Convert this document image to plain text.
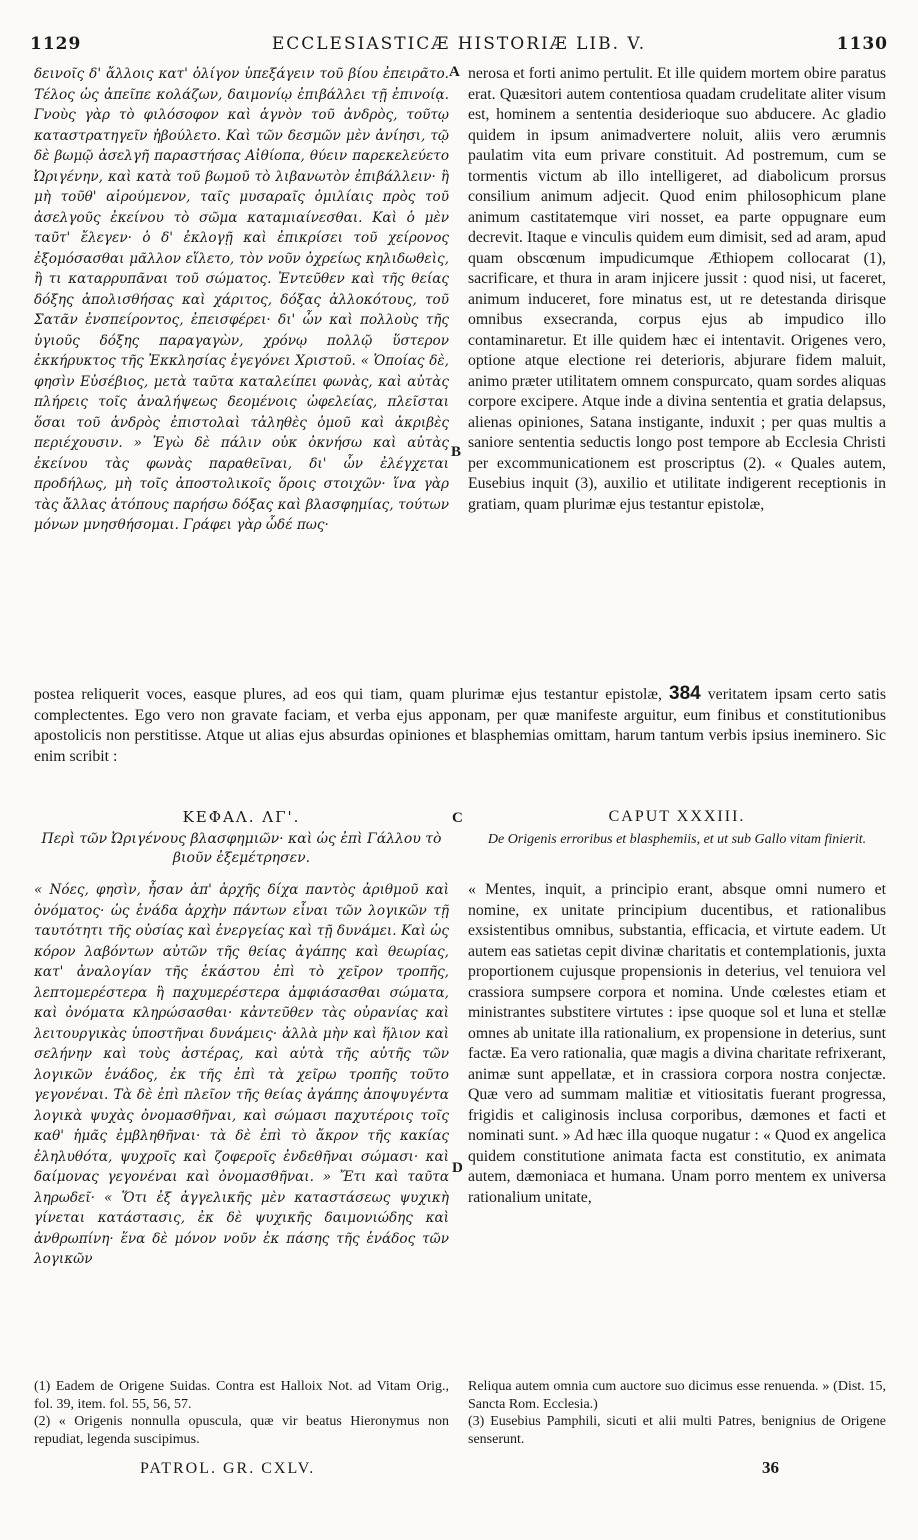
1129	ECCLESIASTICÆ HISTORIÆ LIB. V.	1130
A
B
C
D

δεινοῖς δ' ἄλλοις κατ' ὀλίγον ὑπεξάγειν τοῦ βίου ἐπειρᾶτο. Τέλος ὡς ἀπεῖπε κολάζων, δαιμονίῳ ἐπιβάλλει τῇ ἐπινοίᾳ. Γνοὺς γὰρ τὸ φιλόσοφον καὶ ἁγνὸν τοῦ ἀνδρὸς, τοῦτῳ καταστρατηγεῖν ἠβούλετο. Καὶ τῶν δεσμῶν μὲν ἀνίησι, τῷ δὲ βωμῷ ἀσελγῆ παραστήσας Αἰθίοπα, θύειν παρεκελεύετο Ὠριγένην, καὶ κατὰ τοῦ βωμοῦ τὸ λιβανωτὸν ἐπιβάλλειν· ἢ μὴ τοῦθ' αἱρούμενον, ταῖς μυσαραῖς ὁμιλίαις πρὸς τοῦ ἀσελγοῦς ἐκείνου τὸ σῶμα καταμιαίνεσθαι. Καὶ ὁ μὲν ταῦτ' ἔλεγεν· ὁ δ' ἐκλογῇ καὶ ἐπικρίσει τοῦ χείρονος ἐξομόσασθαι μᾶλλον εἵλετο, τὸν νοῦν ὀχρείως κηλιδωθεὶς, ἢ τι καταρρυπᾶναι τοῦ σώματος. Ἐντεῦθεν καὶ τῆς θείας δόξης ἀπολισθήσας καὶ χάριτος, δόξας ἀλλοκότους, τοῦ Σατᾶν ἐνσπείροντος, ἐπεισφέρει· δι' ὧν καὶ πολλοὺς τῆς ὑγιοῦς δόξης παραγαγὼν, χρόνῳ πολλῷ ὕστερον ἐκκήρυκτος τῆς Ἐκκλησίας ἐγεγόνει Χριστοῦ. « Ὁποίας δὲ, φησὶν Εὐσέβιος, μετὰ ταῦτα καταλείπει φωνὰς, καὶ αὐτὰς πλήρεις τοῖς ἀναλήψεως δεομένοις ὠφελείας, πλεῖσται ὅσαι τοῦ ἀνδρὸς ἐπιστολαὶ τἀληθὲς ὁμοῦ καὶ ἀκριβὲς περιέχουσιν. » Ἐγὼ δὲ πάλιν οὐκ ὀκνήσω καὶ αὐτὰς ἐκείνου τὰς φωνὰς παραθεῖναι, δι' ὧν ἐλέγχεται προδήλως, μὴ τοῖς ἀποστολικοῖς ὅροις στοιχῶν· ἵνα γὰρ τὰς ἄλλας ἀτόπους παρήσω δόξας καὶ βλασφημίας, τούτων μόνων μνησθήσομαι. Γράφει γὰρ ὧδέ πως·

nerosa et forti animo pertulit. Et ille quidem mortem obire paratus erat. Quæsitori autem contentiosa quadam crudelitate aliter visum est, hominem a sententia desiderioque suo abducere. Ac gladio quidem in ipsum animadvertere noluit, aliis vero ærumnis paulatim vita eum privare constituit. Ad postremum, cum se tormentis victum ab illo intelligeret, ad diabolicum prorsus consilium animum adjecit. Quod enim philosophicum plane animum castitatemque viri nosset, ea parte oppugnare eum decrevit. Itaque e vinculis quidem eum dimisit, sed ad aram, apud quam obscœnum impudicumque Æthiopem collocarat (1), sacrificare, et thura in aram injicere jussit : quod nisi, ut faceret, animum induceret, fore minatus est, ut re detestanda dirisque omnibus exsecranda, corpus ejus ab impudico illo contaminaretur. Et ille quidem hæc ei intentavit. Origenes vero, optione atque electione rei deterioris, abjurare fidem maluit, animo præter utilitatem omnem conspurcato, quam sordes aliquas corpore excipere. Atque inde a divina sententia et gratia delapsus, alienas opiniones, Satana instigante, induxit ; per quas multis a saniore sententia seductis longo post tempore ab Ecclesia Christi per excommunicationem est proscriptus (2). « Quales autem, Eusebius inquit (3), auxilio et utilitate indigerent receptionis in gratiam, quam plurimæ ejus testantur epistolæ,

postea reliquerit voces, easque plures, ad eos qui tiam, quam plurimæ ejus testantur epistolæ, 384 veritatem ipsam certo satis complectentes. Ego vero non gravate faciam, et verba ejus apponam, per quæ manifeste arguitur, eum finibus et constitutionibus apostolicis non perstitisse. Atque ut alias ejus absurdas opiniones et blasphemias omittam, harum tantum verbis ipsius ineminero. Sic enim scribit :
ΚΕΦΑΛ. ΛΓ'.
Περὶ τῶν Ὠριγένους βλασφημιῶν· καὶ ὡς ἐπὶ Γάλλου τὸ βιοῦν ἐξεμέτρησεν.
CAPUT XXXIII.
De Origenis erroribus et blasphemiis, et ut sub Gallo vitam finierit.

« Νόες, φησὶν, ἦσαν ἀπ' ἀρχῆς δίχα παντὸς ἀριθμοῦ καὶ ὀνόματος· ὡς ἑνάδα ἀρχὴν πάντων εἶναι τῶν λογικῶν τῇ ταυτότητι τῆς οὐσίας καὶ ἐνεργείας καὶ τῇ δυνάμει. Καὶ ὡς κόρον λαβόντων αὐτῶν τῆς θείας ἀγάπης καὶ θεωρίας, κατ' ἀναλογίαν τῆς ἑκάστου ἐπὶ τὸ χεῖρον τροπῆς, λεπτομερέστερα ἢ παχυμερέστερα ἀμφιάσασθαι σώματα, καὶ ὀνόματα κληρώσασθαι· κἀντεῦθεν τὰς οὐρανίας καὶ λειτουργικὰς ὑποστῆναι δυνάμεις· ἀλλὰ μὴν καὶ ἥλιον καὶ σελήνην καὶ τοὺς ἀστέρας, καὶ αὐτὰ τῆς αὐτῆς τῶν λογικῶν ἑνάδος, ἐκ τῆς ἐπὶ τὰ χεῖρω τροπῆς τοῦτο γεγονέναι. Τὰ δὲ ἐπὶ πλεῖον τῆς θείας ἀγάπης ἀποψυγέντα λογικὰ ψυχὰς ὀνομασθῆναι, καὶ σώμασι παχυτέροις τοῖς καθ' ἡμᾶς ἐμβληθῆναι· τὰ δὲ ἐπὶ τὸ ἄκρον τῆς κακίας ἐληλυθότα, ψυχροῖς καὶ ζοφεροῖς ἐνδεθῆναι σώμασι· καὶ δαίμονας γεγονέναι καὶ ὀνομασθῆναι. » Ἔτι καὶ ταῦτα ληρωδεῖ· « Ὅτι ἐξ ἀγγελικῆς μὲν καταστάσεως ψυχικὴ γίνεται κατάστασις, ἐκ δὲ ψυχικῆς δαιμονιώδης καὶ ἀνθρωπίνη· ἕνα δὲ μόνον νοῦν ἐκ πάσης τῆς ἑνάδος τῶν λογικῶν

« Mentes, inquit, a principio erant, absque omni numero et nomine, ex unitate principium ducentibus, et rationalibus exsistentibus omnibus, substantia, efficacia, et virtute eadem. Ut autem eas satietas cepit divinæ charitatis et contemplationis, juxta proportionem cujusque propensionis in deterius, vel tenuiora vel crassiora sumpsere corpora et nomina. Unde cœlestes etiam et ministrantes substitere virtutes : ipse quoque sol et luna et stellæ omnes ab unitate illa rationalium, ex propensione in deterius, sunt factæ. Ea vero rationalia, quæ magis a divina charitate refrixerant, animæ sunt appellatæ, et in crassiora corpora nostra conjectæ. Quæ vero ad summam malitiæ et vitiositatis fuerant progressa, frigidis et caliginosis inclusa corporibus, dæmones et facti et nominati sunt. » Ad hæc illa quoque nugatur : « Quod ex angelica quidem constitutione animata facta est constitutio, ex animata autem, dæmoniaca et humana. Unam porro mentem ex universa rationalium unitate,

(1) Eadem de Origene Suidas. Contra est Halloix Not. ad Vitam Orig., fol. 39, item. fol. 55, 56, 57.

(2) « Origenis nonnulla opuscula, quæ vir beatus Hieronymus non repudiat, legenda suscipimus.

Reliqua autem omnia cum auctore suo dicimus esse renuenda. » (Dist. 15, Sancta Rom. Ecclesia.)

(3) Eusebius Pamphili, sicuti et alii multi Patres, benignius de Origene senserunt.

PATROL. GR. CXLV.	36
